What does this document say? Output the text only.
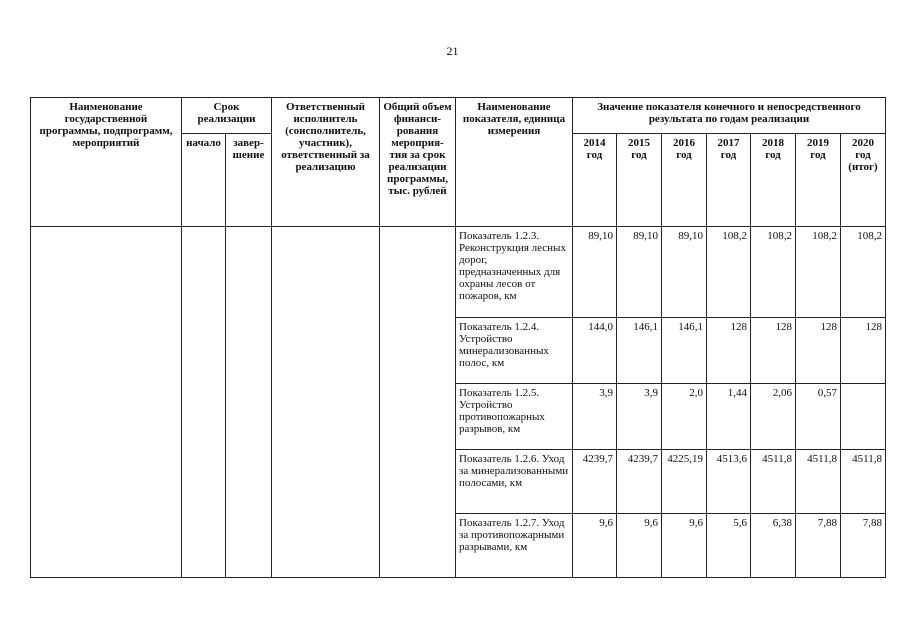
21
Наименование государственной программы, подпрограмм, мероприятий	Срок реализации		Ответственный исполнитель (соисполнитель, участник), ответственный за реализацию	Общий объем финанси-рования мероприя-тия за срок реализации программы, тыс. рублей	Наименование показателя, единица измерения	Значение показателя конечного и непосредственного результата по годам реализации						
	начало	завер-шение				2014 год	2015 год	2016 год	2017 год	2018 год	2019 год	2020 год (итог)
					Показатель 1.2.3. Реконструкция лесных дорог, предназначенных для охраны лесов от пожаров, км	89,10	89,10	89,10	108,2	108,2	108,2	108,2
					Показатель 1.2.4. Устройство минерализованных полос, км	144,0	146,1	146,1	128	128	128	128
					Показатель 1.2.5. Устройство противопожарных разрывов, км	3,9	3,9	2,0	1,44	2,06	0,57	
					Показатель 1.2.6. Уход за минерализованными полосами, км	4239,7	4239,7	4225,19	4513,6	4511,8	4511,8	4511,8
					Показатель 1.2.7. Уход за противопожарными разрывами, км	9,6	9,6	9,6	5,6	6,38	7,88	7,88
